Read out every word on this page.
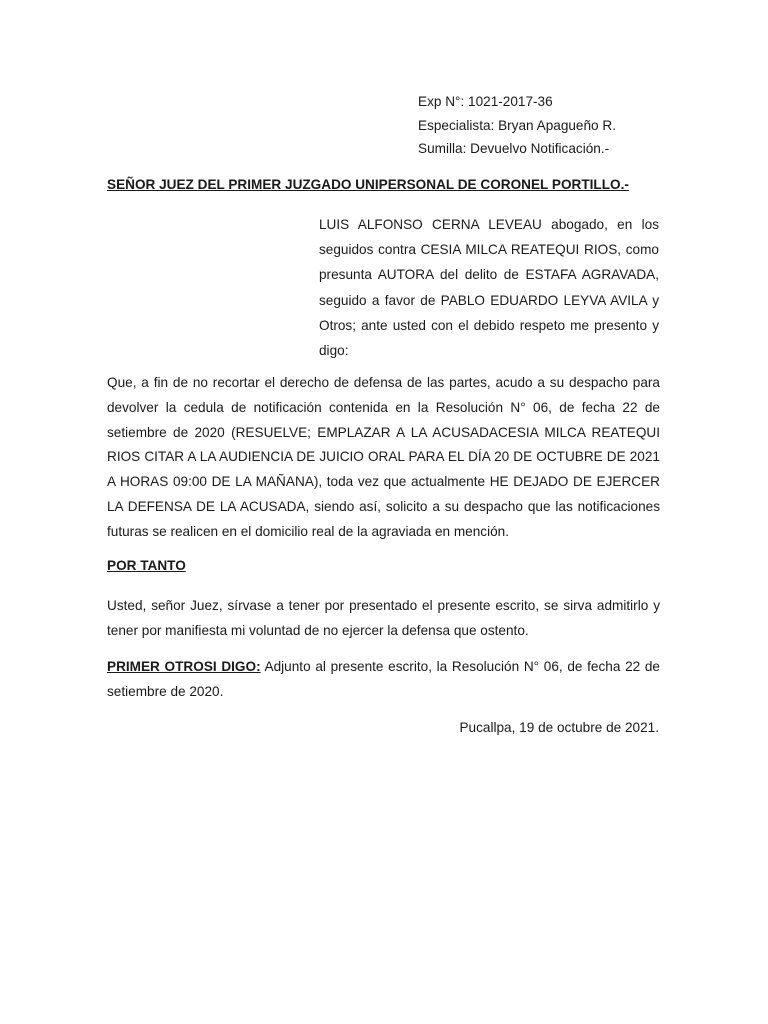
Exp N°: 1021-2017-36
Especialista: Bryan Apagueño R.
Sumilla: Devuelvo Notificación.-
SEÑOR JUEZ DEL PRIMER JUZGADO UNIPERSONAL DE CORONEL PORTILLO.-
LUIS ALFONSO CERNA LEVEAU abogado, en los seguidos contra CESIA MILCA REATEQUI RIOS, como presunta AUTORA del delito de ESTAFA AGRAVADA, seguido a favor de PABLO EDUARDO LEYVA AVILA y Otros; ante usted con el debido respeto me presento y digo:
Que, a fin de no recortar el derecho de defensa de las partes, acudo a su despacho para devolver la cedula de notificación contenida en la Resolución N° 06, de fecha 22 de setiembre de 2020 (RESUELVE; EMPLAZAR A LA ACUSADACESIA MILCA REATEQUI RIOS CITAR A LA AUDIENCIA DE JUICIO ORAL PARA EL DÍA 20 DE OCTUBRE DE 2021 A HORAS 09:00 DE LA MAÑANA), toda vez que actualmente HE DEJADO DE EJERCER LA DEFENSA DE LA ACUSADA, siendo así, solicito a su despacho que las notificaciones futuras se realicen en el domicilio real de la agraviada en mención.
POR TANTO
Usted, señor Juez, sírvase a tener por presentado el presente escrito, se sirva admitirlo y tener por manifiesta mi voluntad de no ejercer la defensa que ostento.
PRIMER OTROSI DIGO: Adjunto al presente escrito, la Resolución N° 06, de fecha 22 de setiembre de 2020.
Pucallpa, 19 de octubre de 2021.
